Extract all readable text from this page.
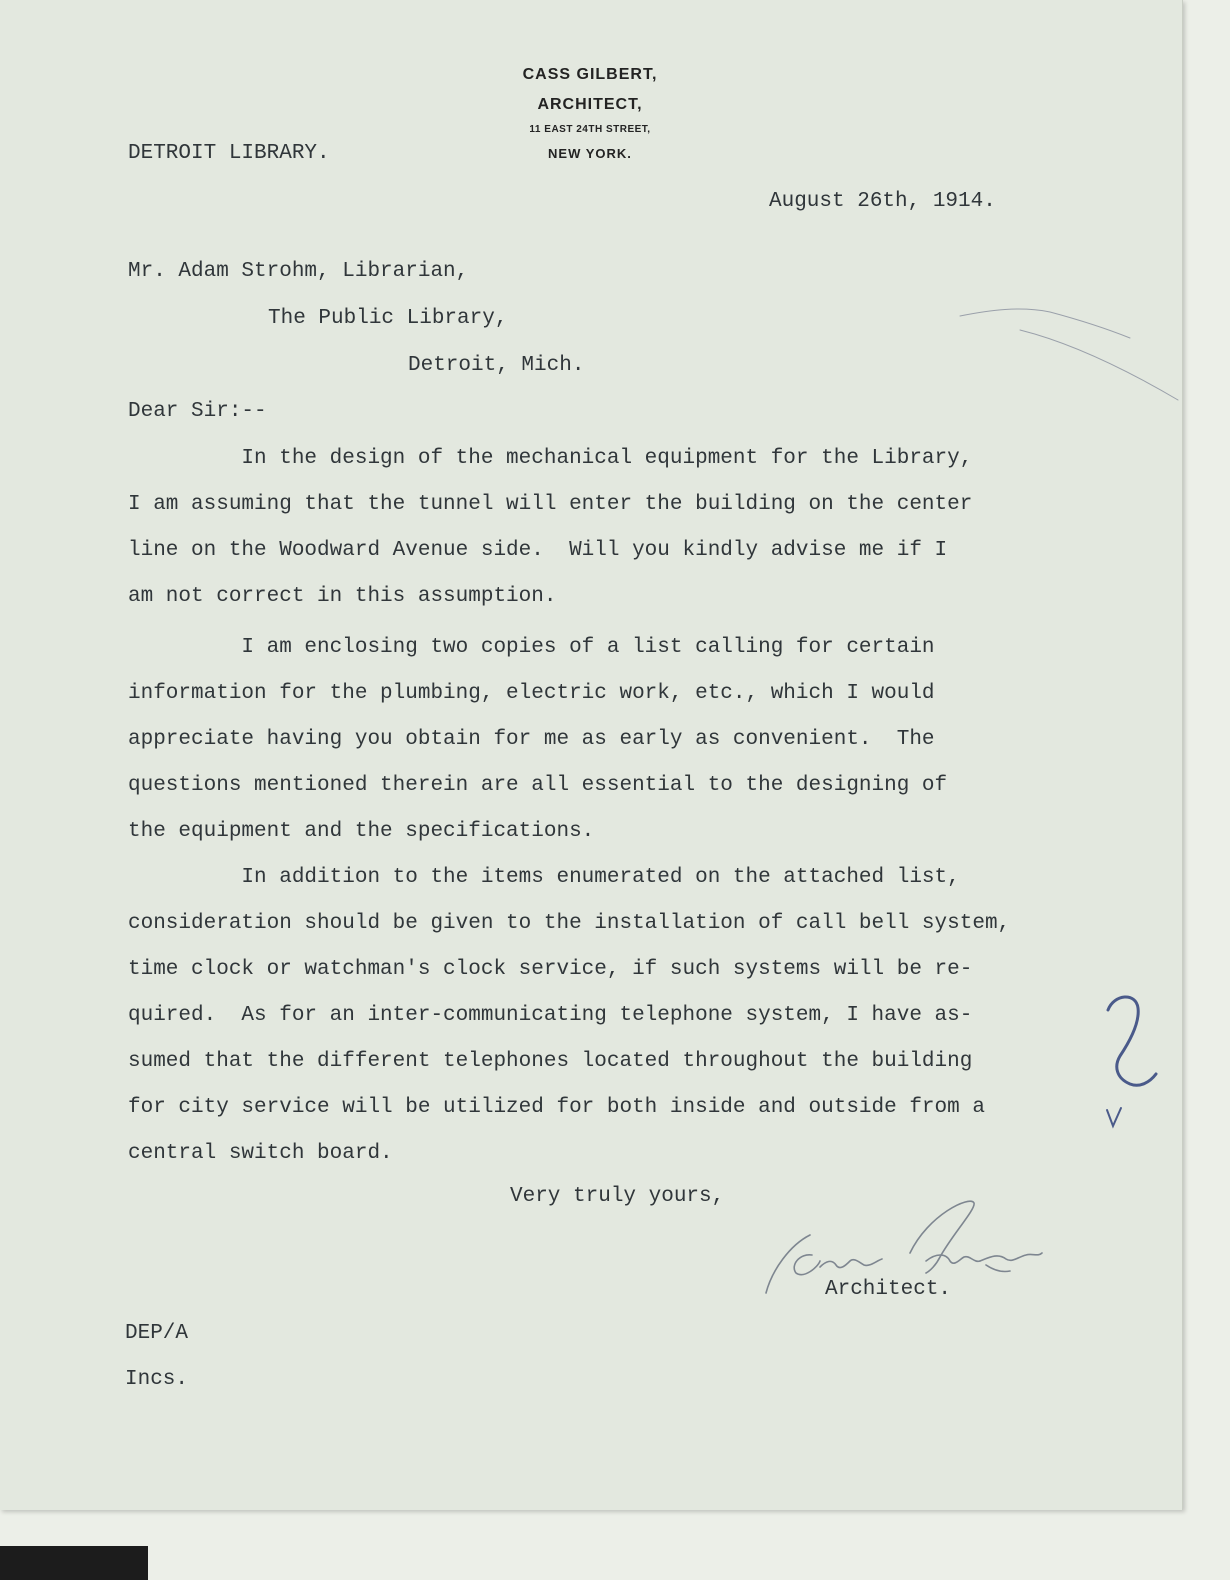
CASS GILBERT,
ARCHITECT,
11 EAST 24TH STREET,
NEW YORK.
DETROIT LIBRARY.
August 26th, 1914.
Mr. Adam Strohm, Librarian,
The Public Library,
Detroit, Mich.
Dear Sir:--
In the design of the mechanical equipment for the Library,
I am assuming that the tunnel will enter the building on the center
line on the Woodward Avenue side.  Will you kindly advise me if I
am not correct in this assumption.
I am enclosing two copies of a list calling for certain
information for the plumbing, electric work, etc., which I would
appreciate having you obtain for me as early as convenient.  The
questions mentioned therein are all essential to the designing of
the equipment and the specifications.
In addition to the items enumerated on the attached list,
consideration should be given to the installation of call bell system,
time clock or watchman's clock service, if such systems will be re-
quired.  As for an inter-communicating telephone system, I have as-
sumed that the different telephones located throughout the building
for city service will be utilized for both inside and outside from a
central switch board.
Very truly yours,
Architect.
DEP/A
Incs.
